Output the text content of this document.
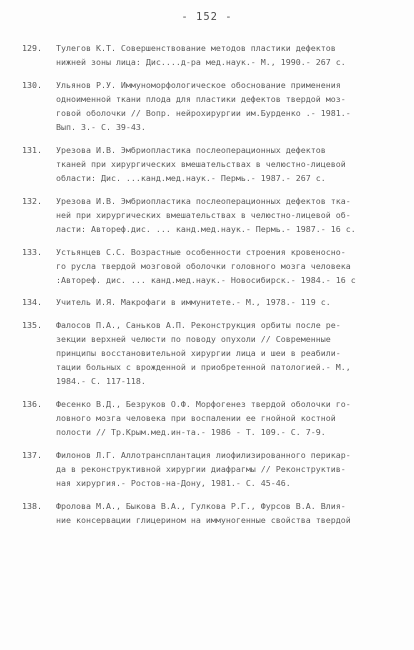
- 152 -
129.	Тулегов К.Т. Совершенствование методов пластики дефектов
нижней зоны лица: Дис....д-ра мед.наук.- М., 1990.- 267 с.
130.	Ульянов Р.У. Иммуноморфологическое обоснование применения
одноименной ткани плода для пластики дефектов твердой моз-
говой оболочки // Вопр. нейрохирургии им.Бурденко .- 1981.-
Вып. 3.- С. 39-43.
131.	Урезова И.В. Эмбриопластика послеоперационных дефектов
тканей при хирургических вмешательствах в челюстно-лицевой
области: Дис. ...канд.мед.наук.- Пермь.- 1987.- 267 с.
132.	Урезова И.В. Эмбриопластика послеоперационных дефектов тка-
ней при хирургических вмешательствах в челюстно-лицевой об-
ласти: Автореф.дис. ... канд.мед.наук.- Пермь.- 1987.- 16 с.
133.	Устьянцев С.С. Возрастные особенности строения кровеносно-
го русла твердой мозговой оболочки головного мозга человека
:Автореф. дис. ... канд.мед.наук.- Новосибирск.- 1984.- 16 с
134.	Учитель И.Я. Макрофаги в иммунитете.- М., 1978.- 119 с.
135.	Фалосов П.А., Саньков А.П. Реконструкция орбиты после ре-
зекции верхней челюсти по поводу опухоли // Современные
принципы восстановительной хирургии лица и шеи в реабили-
тации больных с врожденной и приобретенной патологией.- М.,
1984.- С. 117-118.
136.	Фесенко В.Д., Безруков О.Ф. Морфогенез твердой оболочки го-
ловного мозга человека при воспалении ее гнойной костной
полости // Тр.Крым.мед.ин-та.- 1986 - Т. 109.- С. 7-9.
137.	Филонов Л.Г. Аллотрансплантация лиофилизированного перикар-
да в реконструктивной хирургии диафрагмы // Реконструктив-
ная хирургия.- Ростов-на-Дону, 1981.- С. 45-46.
138.	Фролова М.А., Быкова В.А., Гулкова Р.Г., Фурсов В.А. Влия-
ние консервации глицерином на иммуногенные свойства твердой
